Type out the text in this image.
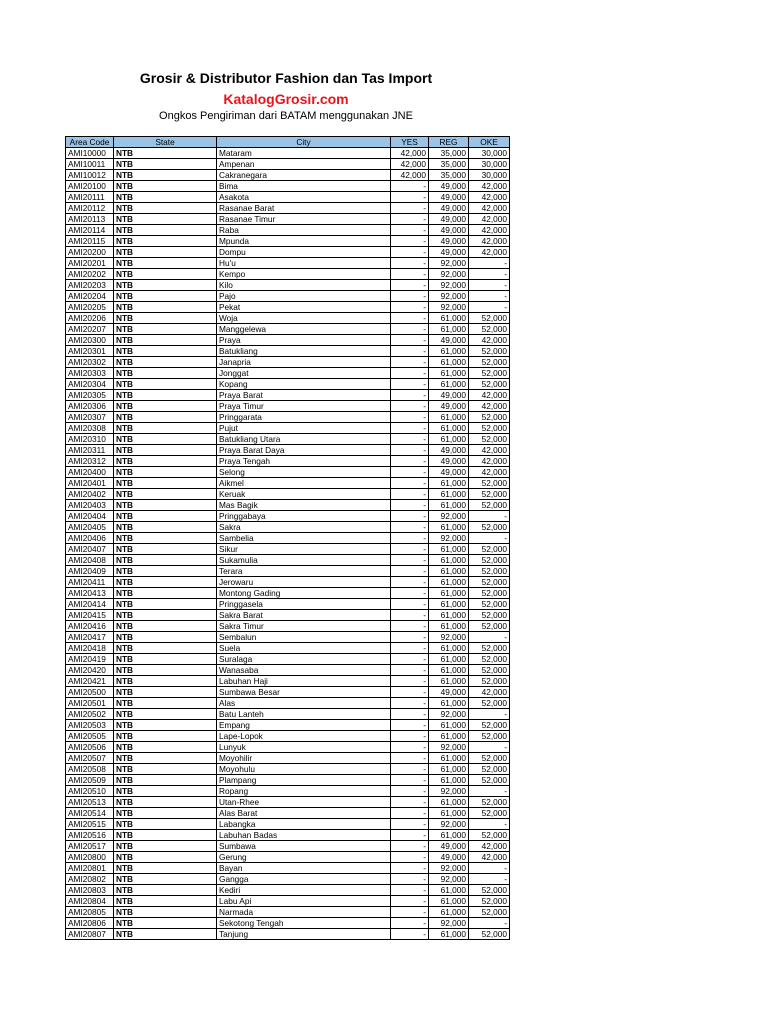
Grosir & Distributor Fashion dan Tas Import
KatalogGrosir.com
Ongkos Pengiriman dari BATAM menggunakan JNE
Area Code	State	City	YES	REG	OKE
AMI10000	NTB	Mataram	42,000	35,000	30,000
AMI10011	NTB	Ampenan	42,000	35,000	30,000
AMI10012	NTB	Cakranegara	42,000	35,000	30,000
AMI20100	NTB	Bima	-	49,000	42,000
AMI20111	NTB	Asakota	-	49,000	42,000
AMI20112	NTB	Rasanae Barat	-	49,000	42,000
AMI20113	NTB	Rasanae Timur	-	49,000	42,000
AMI20114	NTB	Raba	-	49,000	42,000
AMI20115	NTB	Mpunda	-	49,000	42,000
AMI20200	NTB	Dompu	-	49,000	42,000
AMI20201	NTB	Hu'u	-	92,000	-
AMI20202	NTB	Kempo	-	92,000	-
AMI20203	NTB	Kilo	-	92,000	-
AMI20204	NTB	Pajo	-	92,000	-
AMI20205	NTB	Pekat	-	92,000	-
AMI20206	NTB	Woja	-	61,000	52,000
AMI20207	NTB	Manggelewa	-	61,000	52,000
AMI20300	NTB	Praya	-	49,000	42,000
AMI20301	NTB	Batukliang	-	61,000	52,000
AMI20302	NTB	Janapria	-	61,000	52,000
AMI20303	NTB	Jonggat	-	61,000	52,000
AMI20304	NTB	Kopang	-	61,000	52,000
AMI20305	NTB	Praya Barat	-	49,000	42,000
AMI20306	NTB	Praya Timur	-	49,000	42,000
AMI20307	NTB	Pringgarata	-	61,000	52,000
AMI20308	NTB	Pujut	-	61,000	52,000
AMI20310	NTB	Batukliang Utara	-	61,000	52,000
AMI20311	NTB	Praya Barat Daya	-	49,000	42,000
AMI20312	NTB	Praya Tengah	-	49,000	42,000
AMI20400	NTB	Selong	-	49,000	42,000
AMI20401	NTB	Aikmel	-	61,000	52,000
AMI20402	NTB	Keruak	-	61,000	52,000
AMI20403	NTB	Mas Bagik	-	61,000	52,000
AMI20404	NTB	Pringgabaya	-	92,000	-
AMI20405	NTB	Sakra	-	61,000	52,000
AMI20406	NTB	Sambelia	-	92,000	-
AMI20407	NTB	Sikur	-	61,000	52,000
AMI20408	NTB	Sukamulia	-	61,000	52,000
AMI20409	NTB	Terara	-	61,000	52,000
AMI20411	NTB	Jerowaru	-	61,000	52,000
AMI20413	NTB	Montong Gading	-	61,000	52,000
AMI20414	NTB	Pringgasela	-	61,000	52,000
AMI20415	NTB	Sakra Barat	-	61,000	52,000
AMI20416	NTB	Sakra Timur	-	61,000	52,000
AMI20417	NTB	Sembalun	-	92,000	-
AMI20418	NTB	Suela	-	61,000	52,000
AMI20419	NTB	Suralaga	-	61,000	52,000
AMI20420	NTB	Wanasaba	-	61,000	52,000
AMI20421	NTB	Labuhan Haji	-	61,000	52,000
AMI20500	NTB	Sumbawa Besar	-	49,000	42,000
AMI20501	NTB	Alas	-	61,000	52,000
AMI20502	NTB	Batu Lanteh	-	92,000	-
AMI20503	NTB	Empang	-	61,000	52,000
AMI20505	NTB	Lape-Lopok	-	61,000	52,000
AMI20506	NTB	Lunyuk	-	92,000	-
AMI20507	NTB	Moyohilir	-	61,000	52,000
AMI20508	NTB	Moyohulu	-	61,000	52,000
AMI20509	NTB	Plampang	-	61,000	52,000
AMI20510	NTB	Ropang	-	92,000	-
AMI20513	NTB	Utan-Rhee	-	61,000	52,000
AMI20514	NTB	Alas Barat	-	61,000	52,000
AMI20515	NTB	Labangka	-	92,000	-
AMI20516	NTB	Labuhan Badas	-	61,000	52,000
AMI20517	NTB	Sumbawa	-	49,000	42,000
AMI20800	NTB	Gerung	-	49,000	42,000
AMI20801	NTB	Bayan	-	92,000	-
AMI20802	NTB	Gangga	-	92,000	-
AMI20803	NTB	Kediri	-	61,000	52,000
AMI20804	NTB	Labu Api	-	61,000	52,000
AMI20805	NTB	Narmada	-	61,000	52,000
AMI20806	NTB	Sekotong Tengah	-	92,000	-
AMI20807	NTB	Tanjung	-	61,000	52,000
